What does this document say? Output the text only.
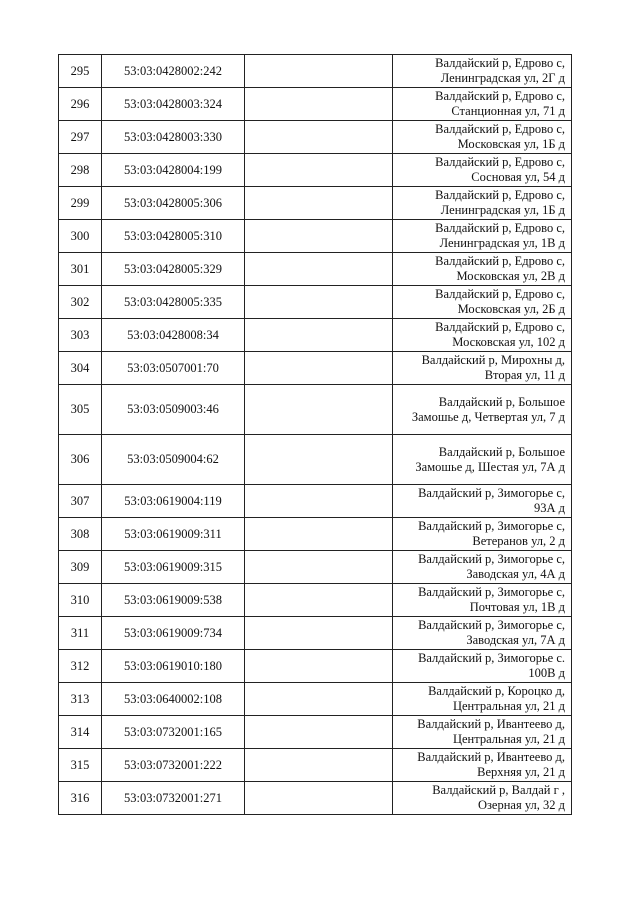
295	53:03:0428002:242		Валдайский р, Едрово с,
Ленинградская ул, 2Г д

296	53:03:0428003:324		Валдайский р, Едрово с,
Станционная ул, 71 д

297	53:03:0428003:330		Валдайский р, Едрово с,
Московская ул, 1Б д

298	53:03:0428004:199		Валдайский р, Едрово с,
Сосновая ул, 54 д

299	53:03:0428005:306		Валдайский р, Едрово с,
Ленинградская ул, 1Б д

300	53:03:0428005:310		Валдайский р, Едрово с,
Ленинградская ул, 1В д

301	53:03:0428005:329		Валдайский р, Едрово с,
Московская ул, 2В д

302	53:03:0428005:335		Валдайский р, Едрово с,
Московская ул, 2Б д

303	53:03:0428008:34		Валдайский р, Едрово с,
Московская ул, 102 д

304	53:03:0507001:70		Валдайский р, Мирохны д,
Вторая ул, 11 д

305	53:03:0509003:46		Валдайский р, Большое
Замошье д, Четвертая ул, 7 д

306	53:03:0509004:62		Валдайский р, Большое
Замошье д, Шестая ул, 7А д

307	53:03:0619004:119		Валдайский р, Зимогорье с,
93А д

308	53:03:0619009:311		Валдайский р, Зимогорье с,
Ветеранов ул, 2 д

309	53:03:0619009:315		Валдайский р, Зимогорье с,
Заводская ул, 4А д

310	53:03:0619009:538		Валдайский р, Зимогорье с,
Почтовая ул, 1В д

311	53:03:0619009:734		Валдайский р, Зимогорье с,
Заводская ул, 7А д

312	53:03:0619010:180		Валдайский р, Зимогорье с.
100В д

313	53:03:0640002:108		Валдайский р, Короцко д,
Центральная ул, 21 д

314	53:03:0732001:165		Валдайский р, Ивантеево д,
Центральная ул, 21 д

315	53:03:0732001:222		Валдайский р, Ивантеево д,
Верхняя ул, 21 д

316	53:03:0732001:271		Валдайский р, Валдай г ,
Озерная ул, 32 д
